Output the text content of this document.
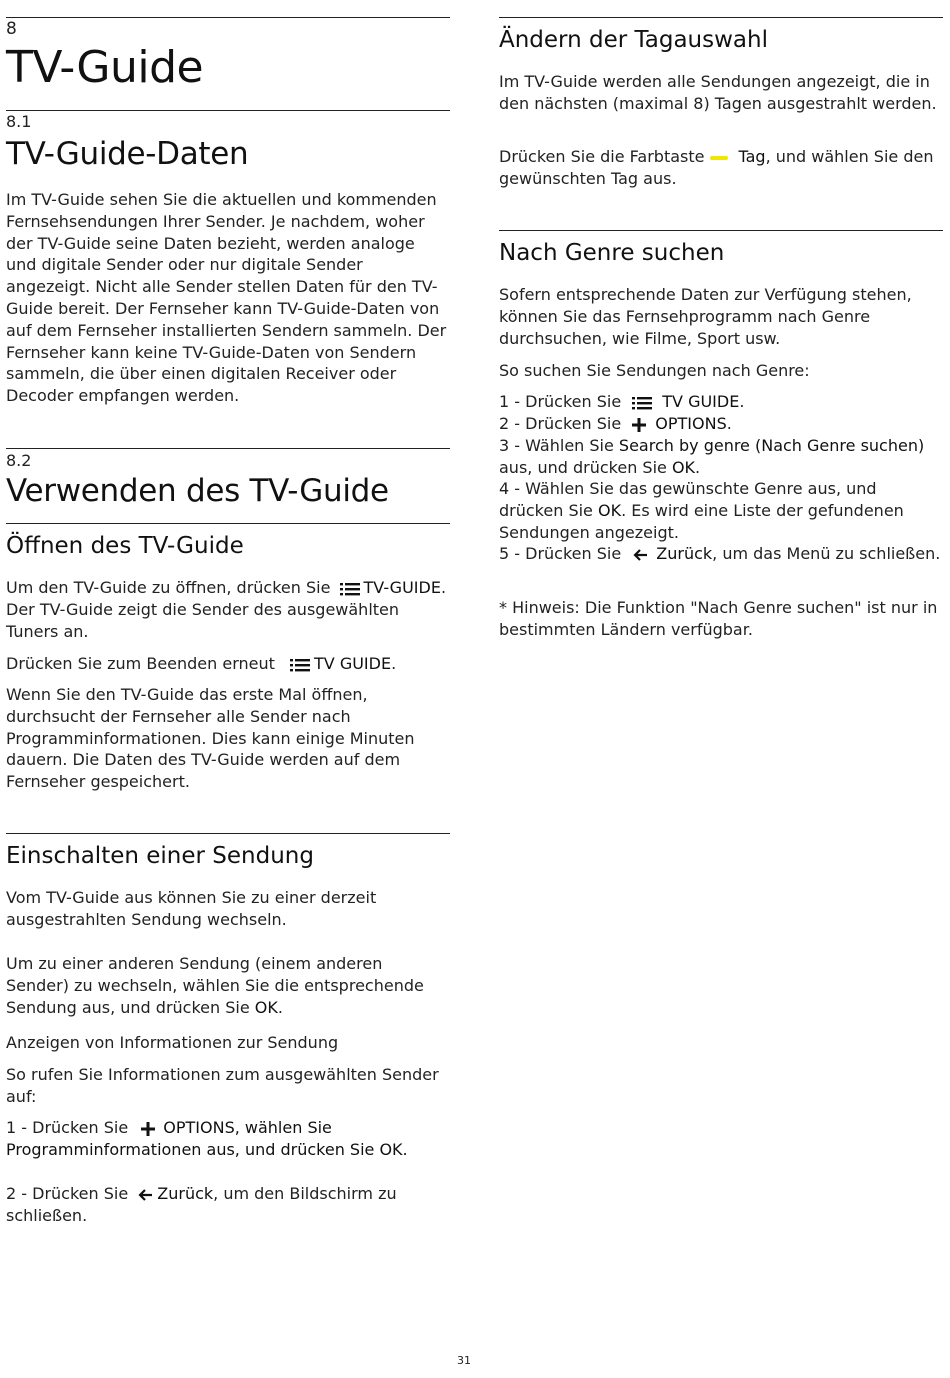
8
TV-Guide
8.1
TV-Guide-Daten

Im TV-Guide sehen Sie die aktuellen und kommenden Fernsehsendungen Ihrer Sender. Je nachdem, woher der TV-Guide seine Daten bezieht, werden analoge und digitale Sender oder nur digitale Sender angezeigt. Nicht alle Sender stellen Daten für den TV-Guide bereit. Der Fernseher kann TV-Guide-Daten von auf dem Fernseher installierten Sendern sammeln. Der Fernseher kann keine TV-Guide-Daten von Sendern sammeln, die über einen digitalen Receiver oder Decoder empfangen werden.

8.2
Verwenden des TV-Guide
Öffnen des TV-Guide

Um den TV-Guide zu öffnen, drücken Sie TV-GUIDE. Der TV-Guide zeigt die Sender des ausgewählten Tuners an.

Drücken Sie zum Beenden erneut TV GUIDE.

Wenn Sie den TV-Guide das erste Mal öffnen, durchsucht der Fernseher alle Sender nach Programminformationen. Dies kann einige Minuten dauern. Die Daten des TV-Guide werden auf dem Fernseher gespeichert.

Einschalten einer Sendung

Vom TV-Guide aus können Sie zu einer derzeit ausgestrahlten Sendung wechseln.

Um zu einer anderen Sendung (einem anderen Sender) zu wechseln, wählen Sie die entsprechende Sendung aus, und drücken Sie OK.

Anzeigen von Informationen zur Sendung

So rufen Sie Informationen zum ausgewählten Sender auf:

1 - Drücken Sie OPTIONS, wählen Sie Programminformationen aus, und drücken Sie OK.

2 - Drücken Sie Zurück, um den Bildschirm zu schließen.

Ändern der Tagauswahl

Im TV-Guide werden alle Sendungen angezeigt, die in den nächsten (maximal 8) Tagen ausgestrahlt werden.

Drücken Sie die Farbtaste Tag, und wählen Sie den gewünschten Tag aus.

Nach Genre suchen

Sofern entsprechende Daten zur Verfügung stehen, können Sie das Fernsehprogramm nach Genre durchsuchen, wie Filme, Sport usw.

So suchen Sie Sendungen nach Genre:

1 - Drücken Sie	TV GUIDE.
2 - Drücken Sie OPTIONS.

3 - Wählen Sie Search by genre (Nach Genre suchen) aus, und drücken Sie OK.

4 - Wählen Sie das gewünschte Genre aus, und drücken Sie OK. Es wird eine Liste der gefundenen Sendungen angezeigt.

5 - Drücken Sie Zurück, um das Menü zu schließen.

* Hinweis: Die Funktion "Nach Genre suchen" ist nur in bestimmten Ländern verfügbar.

31
